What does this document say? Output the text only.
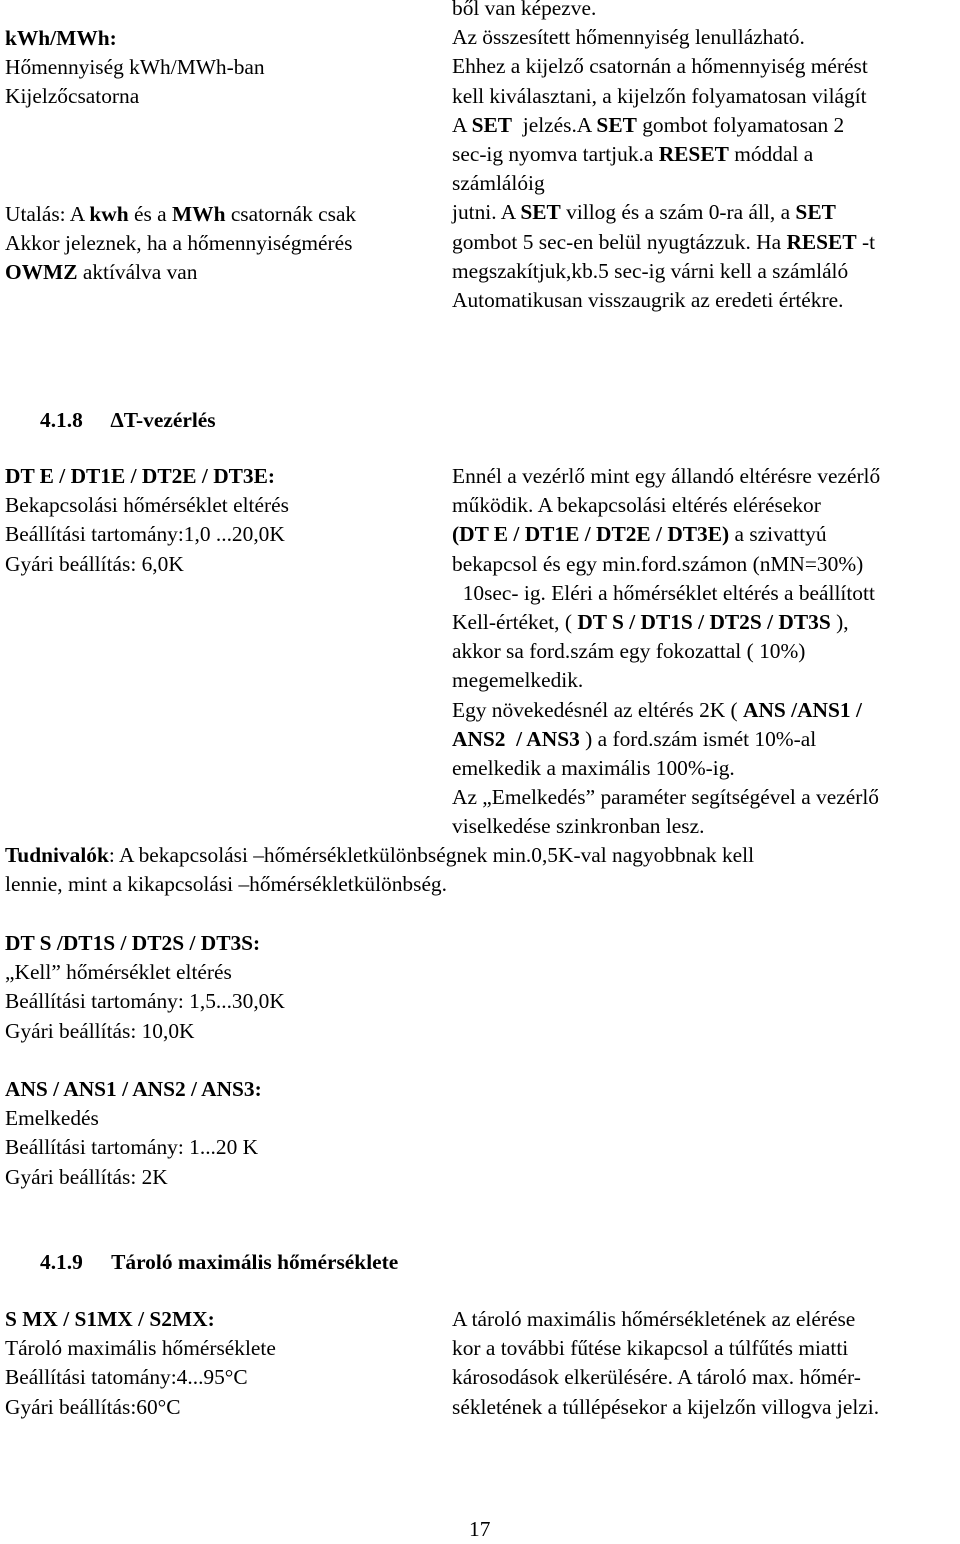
kWh/MWh:
Hőmennyiség kWh/MWh-ban
Kijelzőcsatorna
Utalás: A kwh és a MWh csatornák csak
Akkor jeleznek, ha a hőmennyiségmérés
OWMZ aktíválva van
ből van képezve.
Az összesített hőmennyiség lenullázható.
Ehhez a kijelző csatornán a hőmennyiség mérést
kell kiválasztani, a kijelzőn folyamatosan világít
A SET  jelzés.A SET gombot folyamatosan 2
sec-ig nyomva tartjuk.a RESET móddal a
számlálóig
jutni. A SET villog és a szám 0-ra áll, a SET
gombot 5 sec-en belül nyugtázzuk. Ha RESET -t
megszakítjuk,kb.5 sec-ig várni kell a számláló
Automatikusan visszaugrik az eredeti értékre.
4.1.8 ΔT-vezérlés
DT E / DT1E / DT2E / DT3E:
Bekapcsolási hőmérséklet eltérés
Beállítási tartomány:1,0 ...20,0K
Gyári beállítás: 6,0K
Ennél a vezérlő mint egy állandó eltérésre vezérlő
működik. A bekapcsolási eltérés elérésekor
(DT E / DT1E / DT2E / DT3E) a szivattyú
bekapcsol és egy min.ford.számon (nMN=30%)
10sec- ig. Eléri a hőmérséklet eltérés a beállított
Kell-értéket, ( DT S / DT1S / DT2S / DT3S ),
akkor sa ford.szám egy fokozattal ( 10%)
megemelkedik.
Egy növekedésnél az eltérés 2K ( ANS /ANS1 /
ANS2  / ANS3 ) a ford.szám ismét 10%-al
emelkedik a maximális 100%-ig.
Az „Emelkedés” paraméter segítségével a vezérlő
viselkedése szinkronban lesz.
Tudnivalók: A bekapcsolási –hőmérsékletkülönbségnek min.0,5K-val nagyobbnak kell
lennie, mint a kikapcsolási –hőmérsékletkülönbség.
DT S /DT1S / DT2S / DT3S:
„Kell” hőmérséklet eltérés
Beállítási tartomány: 1,5...30,0K
Gyári beállítás: 10,0K
ANS / ANS1 / ANS2 / ANS3:
Emelkedés
Beállítási tartomány: 1...20 K
Gyári beállítás: 2K
4.1.9 Tároló maximális hőmérséklete
S MX / S1MX / S2MX:
Tároló maximális hőmérséklete
Beállítási tatomány:4...95°C
Gyári beállítás:60°C
A tároló maximális hőmérsékletének az elérése
kor a további fűtése kikapcsol a túlfűtés miatti
károsodások elkerülésére. A tároló max. hőmér-
sékletének a túllépésekor a kijelzőn villogva jelzi.
17
